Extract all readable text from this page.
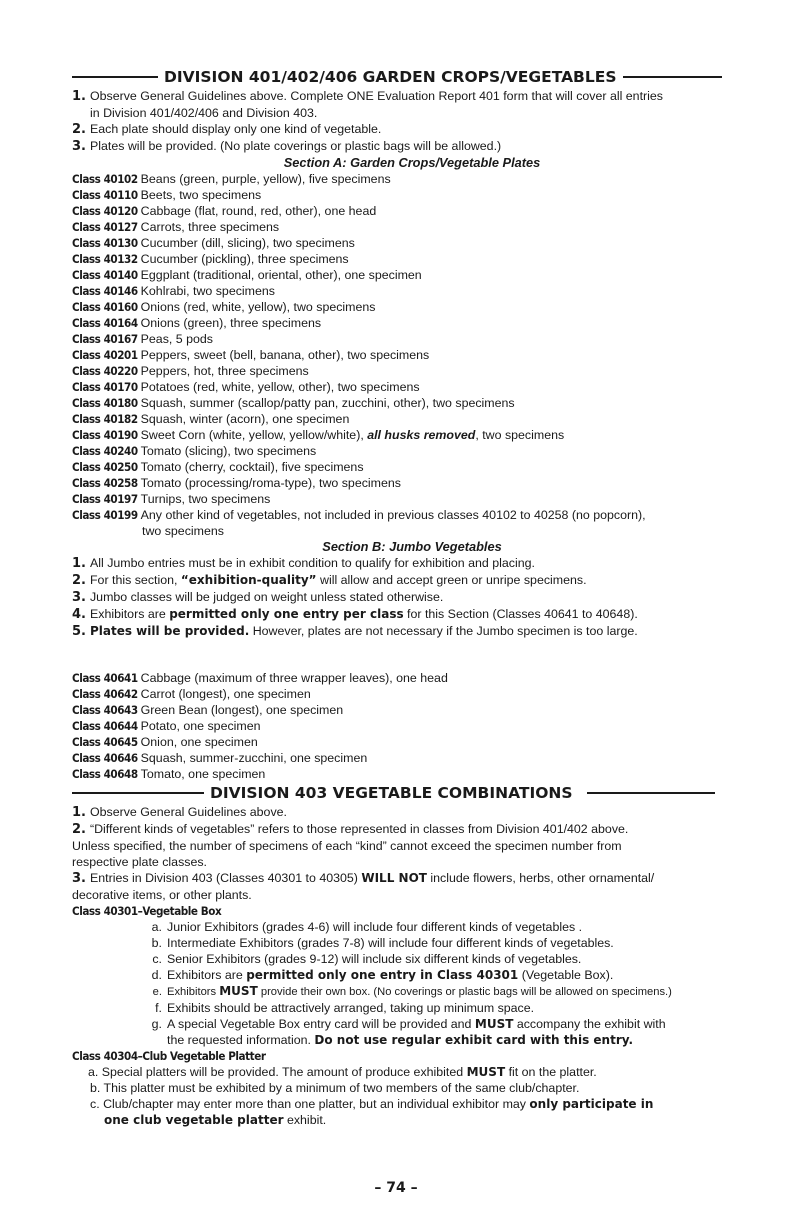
DIVISION 401/402/406 GARDEN CROPS/VEGETABLES
1. Observe General Guidelines above. Complete ONE Evaluation Report 401 form that will cover all entries
in Division 401/402/406 and Division 403.
2. Each plate should display only one kind of vegetable.
3. Plates will be provided. (No plate coverings or plastic bags will be allowed.)
Section A: Garden Crops/Vegetable Plates
Class 40102 Beans (green, purple, yellow), five specimens
Class 40110 Beets, two specimens
Class 40120 Cabbage (flat, round, red, other), one head
Class 40127 Carrots, three specimens
Class 40130 Cucumber (dill, slicing), two specimens
Class 40132 Cucumber (pickling), three specimens
Class 40140 Eggplant (traditional, oriental, other), one specimen
Class 40146 Kohlrabi, two specimens
Class 40160 Onions (red, white, yellow), two specimens
Class 40164 Onions (green), three specimens
Class 40167 Peas, 5 pods
Class 40201 Peppers, sweet (bell, banana, other), two specimens
Class 40220 Peppers, hot, three specimens
Class 40170 Potatoes (red, white, yellow, other), two specimens
Class 40180 Squash, summer (scallop/patty pan, zucchini, other), two specimens
Class 40182 Squash, winter (acorn), one specimen
Class 40190 Sweet Corn (white, yellow, yellow/white), all husks removed, two specimens
Class 40240 Tomato (slicing), two specimens
Class 40250 Tomato (cherry, cocktail), five specimens
Class 40258 Tomato (processing/roma-type), two specimens
Class 40197 Turnips, two specimens
Class 40199 Any other kind of vegetables, not included in previous classes 40102 to 40258 (no popcorn),
two specimens
Section B: Jumbo Vegetables
1. All Jumbo entries must be in exhibit condition to qualify for exhibition and placing.
2. For this section, “exhibition-quality” will allow and accept green or unripe specimens.
3. Jumbo classes will be judged on weight unless stated otherwise.
4. Exhibitors are permitted only one entry per class for this Section (Classes 40641 to 40648).
5. Plates will be provided. However, plates are not necessary if the Jumbo specimen is too large.
Class 40641 Cabbage (maximum of three wrapper leaves), one head
Class 40642 Carrot (longest), one specimen
Class 40643 Green Bean (longest), one specimen
Class 40644 Potato, one specimen
Class 40645 Onion, one specimen
Class 40646 Squash, summer-zucchini, one specimen
Class 40648 Tomato, one specimen
DIVISION 403 VEGETABLE COMBINATIONS
1. Observe General Guidelines above.
2. “Different kinds of vegetables” refers to those represented in classes from Division 401/402 above.
Unless specified, the number of specimens of each “kind” cannot exceed the specimen number from
respective plate classes.
3. Entries in Division 403 (Classes 40301 to 40305) WILL NOT include flowers, herbs, other ornamental/
decorative items, or other plants.
Class 40301–Vegetable Box
a. Junior Exhibitors (grades 4-6) will include four different kinds of vegetables .
b. Intermediate Exhibitors (grades 7-8) will include four different kinds of vegetables.
c. Senior Exhibitors (grades 9-12) will include six different kinds of vegetables.
d. Exhibitors are permitted only one entry in Class 40301 (Vegetable Box).
e. Exhibitors MUST provide their own box. (No coverings or plastic bags will be allowed on specimens.)
f. Exhibits should be attractively arranged, taking up minimum space.
g. A special Vegetable Box entry card will be provided and MUST accompany the exhibit with
the requested information. Do not use regular exhibit card with this entry.
Class 40304–Club Vegetable Platter
a. Special platters will be provided. The amount of produce exhibited MUST fit on the platter.
b. This platter must be exhibited by a minimum of two members of the same club/chapter.
c. Club/chapter may enter more than one platter, but an individual exhibitor may only participate in
one club vegetable platter exhibit.
– 74 –
